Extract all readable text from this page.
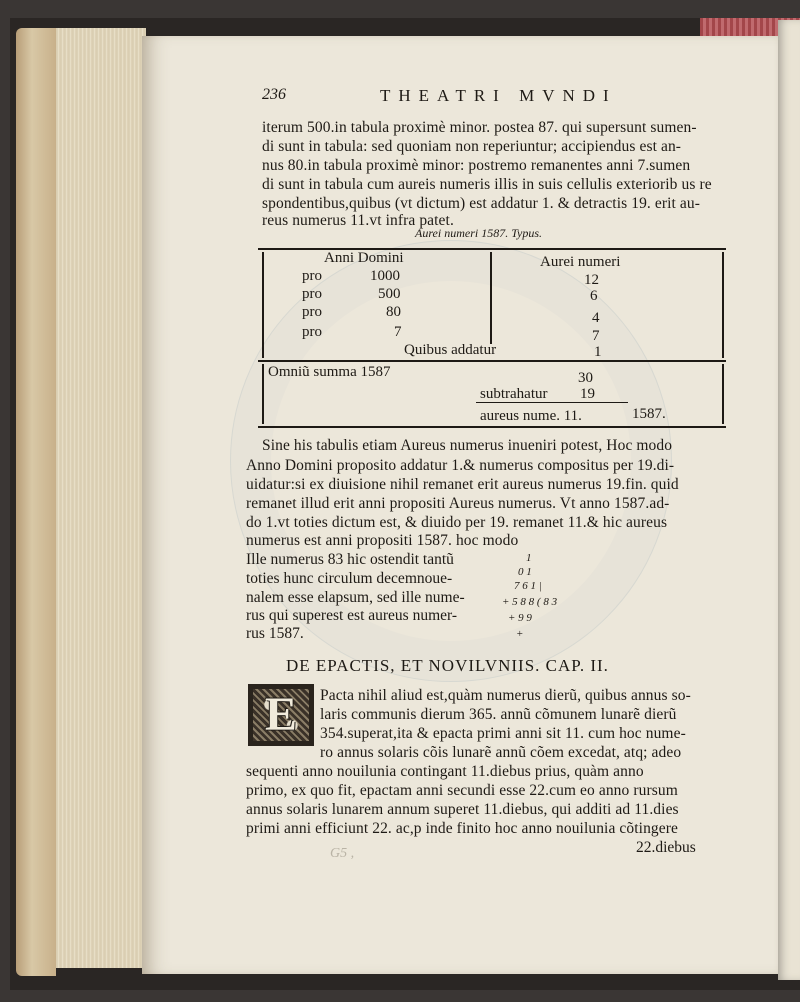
236	THEATRI MVNDI
iterum 500.in tabula proximè minor. postea 87. qui supersunt sumen-
di sunt in tabula: sed quoniam non reperiuntur; accipiendus est an-
nus 80.in tabula proximè minor: postremo remanentes anni 7.sumen
di sunt in tabula cum aureis numeris illis in suis cellulis exteriorib us re
spondentibus,quibus (vt dictum) est addatur 1. & detractis 19. erit au-
reus numerus 11.vt infra patet.
Aurei numeri 1587. Typus.
Anni Domini	Aurei numeri
pro	1000	12
pro	500	6
pro	80	4
pro	7	7
Quibus addatur	1
Omniũ summa 1587	30
subtrahatur 19
aureus nume. 11.	1587.
Sine his tabulis etiam Aureus numerus inueniri potest, Hoc modo
Anno Domini proposito addatur 1.& numerus compositus per 19.di-
uidatur:si ex diuisione nihil remanet erit aureus numerus 19.fin. quid
remanet illud erit anni propositi Aureus numerus. Vt anno 1587.ad-
do 1.vt toties dictum est, & diuido per 19. remanet 11.& hic aureus
numerus est anni propositi 1587. hoc modo
Ille numerus 83 hic ostendit tantũ
toties hunc circulum decemnoue-
nalem esse elapsum, sed ille nume-
rus qui superest est aureus numer-
rus 1587.
1
0 1
7 6 1 |
+ 5 8 8 ( 8 3
+ 9 9
+
DE EPACTIS, ET NOVILVNIIS. CAP. II.
E Pacta nihil aliud est,quàm numerus dierũ, quibus annus so-
laris communis dierum 365. annũ cõmunem lunarẽ dierũ
354.superat,ita & epacta primi anni sit 11. cum hoc nume-
ro annus solaris cõis lunarẽ annũ cõem excedat, atq; adeo
sequenti anno nouilunia contingant 11.diebus prius, quàm anno
primo, ex quo fit, epactam anni secundi esse 22.cum eo anno rursum
annus solaris lunarem annum superet 11.diebus, qui additi ad 11.dies
primi anni efficiunt 22. ac,p inde finito hoc anno nouilunia cõtingere
22.diebus
G5 ,
